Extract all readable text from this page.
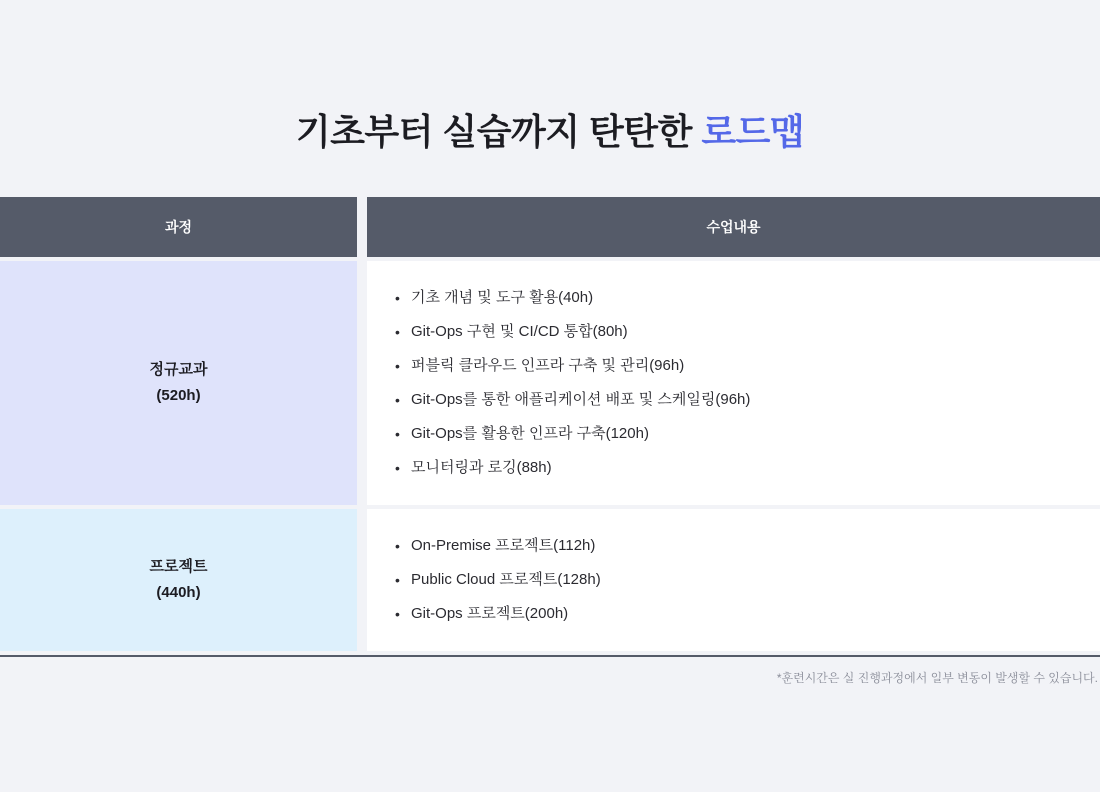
기초부터 실습까지 탄탄한 로드맵
과정	수업내용
정규교과
(520h)
• 기초 개념 및 도구 활용(40h)
• Git-Ops 구현 및 CI/CD 통합(80h)
• 퍼블릭 클라우드 인프라 구축 및 관리(96h)
• Git-Ops를 통한 애플리케이션 배포 및 스케일링(96h)
• Git-Ops를 활용한 인프라 구축(120h)
• 모니터링과 로깅(88h)
프로젝트
(440h)
• On-Premise 프로젝트(112h)
• Public Cloud 프로젝트(128h)
• Git-Ops 프로젝트(200h)
*훈련시간은 실 진행과정에서 일부 변동이 발생할 수 있습니다.
